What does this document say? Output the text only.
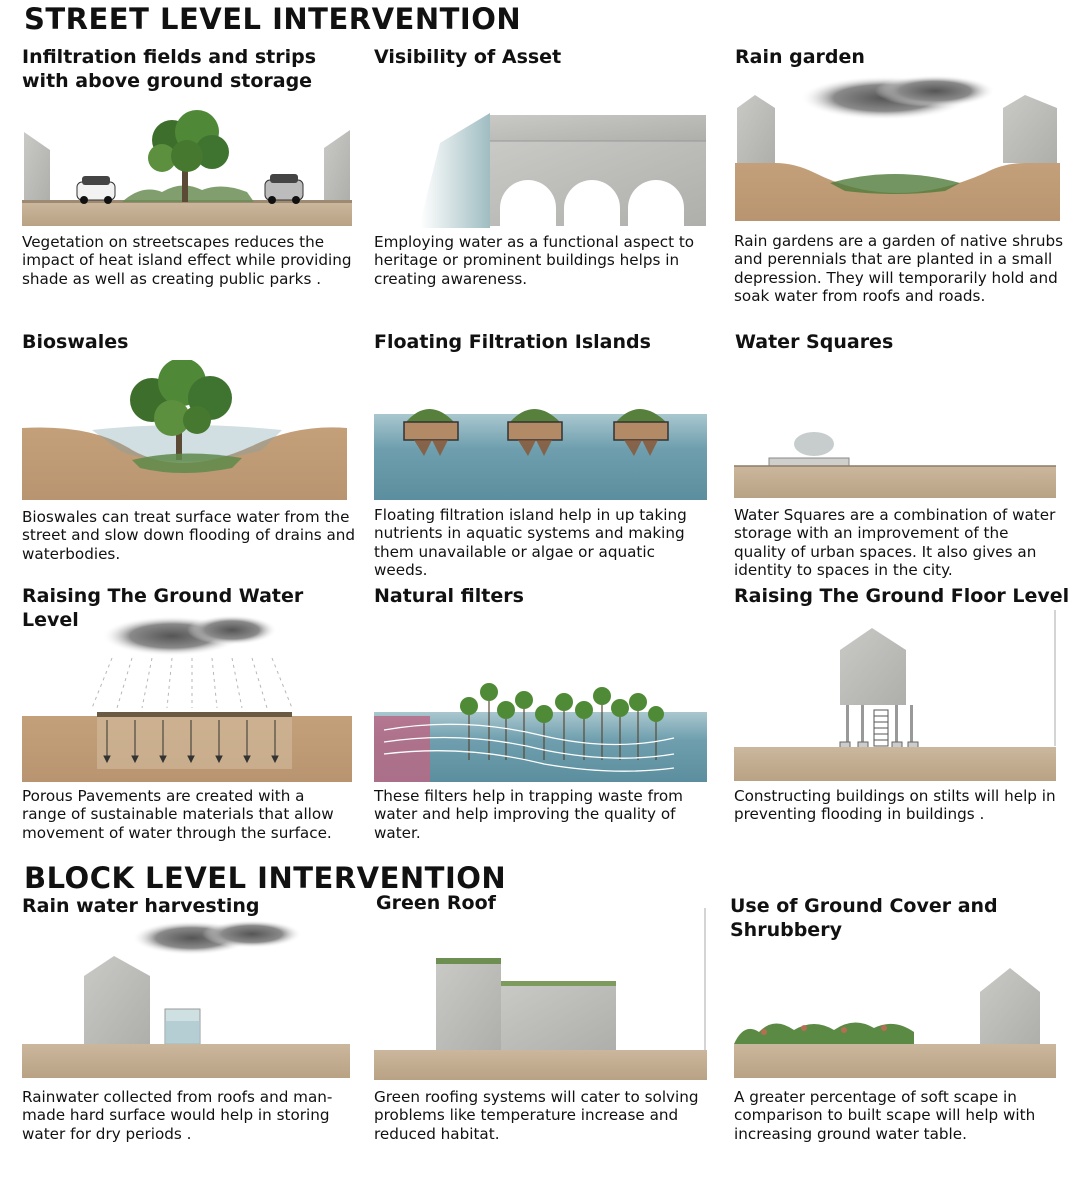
STREET LEVEL INTERVENTION
Infiltration fields and strips with above ground storage

Vegetation on streetscapes reduces the impact of heat island effect while providing shade as well as creating public parks .

Visibility of Asset

Employing water as a functional aspect to heritage or prominent buildings helps in creating awareness.

Rain garden

Rain gardens are a garden of native shrubs and perennials that are planted in a small depression. They will temporarily hold and soak water from roofs and roads.

Bioswales

Bioswales can treat surface water from the street and slow down flooding of drains and waterbodies.

Floating Filtration Islands

Floating filtration island help in up taking nutrients in aquatic systems and making them unavailable or algae or aquatic weeds.

Water Squares

Water Squares are a combination of water storage with an improvement of the quality of urban spaces. It also gives an identity to spaces in the city.

Raising The Ground Water Level

Porous Pavements are created with a range of sustainable materials that allow movement of water through the surface.

Natural filters

These filters help in trapping waste from water and help improving the quality of water.

Raising The Ground Floor Level

Constructing buildings on stilts will help in preventing flooding in buildings .

BLOCK LEVEL INTERVENTION
Rain water harvesting

Rainwater collected from roofs and man-made hard surface would help in storing water for dry periods .

Green Roof

Green roofing systems will cater to solving problems like temperature increase and reduced habitat.

Use of Ground Cover and Shrubbery

A greater percentage of soft scape in comparison to built scape will help with increasing ground water table.
